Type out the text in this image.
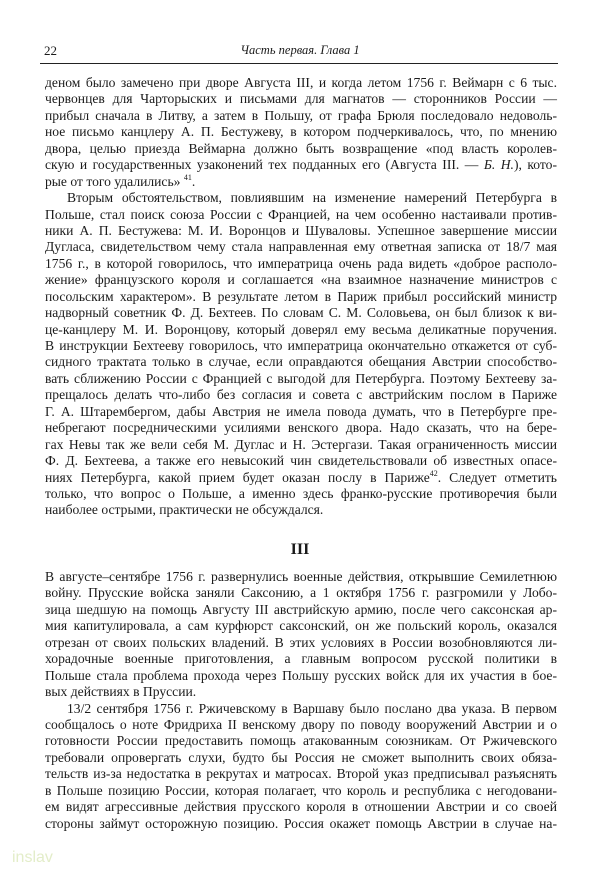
22	Часть первая. Глава 1
деном было замечено при дворе Августа III, и когда летом 1756 г. Веймарн с 6 тыс.
червонцев для Чарторыских и письмами для магнатов — сторонников России —
прибыл сначала в Литву, а затем в Польшу, от графа Брюля последовало недоволь-
ное письмо канцлеру А. П. Бестужеву, в котором подчеркивалось, что, по мнению
двора, целью приезда Веймарна должно быть возвращение «под власть королев-
скую и государственных узаконений тех подданных его (Августа III. — Б. Н.), кото-
рые от того удалились» $^{41}$.
Вторым обстоятельством, повлиявшим на изменение намерений Петербурга в
Польше, стал поиск союза России с Францией, на чем особенно настаивали против-
ники А. П. Бестужева: М. И. Воронцов и Шуваловы. Успешное завершение миссии
Дугласа, свидетельством чему стала направленная ему ответная записка от 18/7 мая
1756 г., в которой говорилось, что императрица очень рада видеть «доброе располо-
жение» французского короля и соглашается «на взаимное назначение министров с
посольским характером». В результате летом в Париж прибыл российский министр
надворный советник Ф. Д. Бехтеев. По словам С. М. Соловьева, он был близок к ви-
це-канцлеру М. И. Воронцову, который доверял ему весьма деликатные поручения.
В инструкции Бехтееву говорилось, что императрица окончательно откажется от суб-
сидного трактата только в случае, если оправдаются обещания Австрии способство-
вать сближению России с Францией с выгодой для Петербурга. Поэтому Бехтееву за-
прещалось делать что-либо без согласия и совета с австрийским послом в Париже
Г. А. Штарембергом, дабы Австрия не имела повода думать, что в Петербурге пре-
небрегают посредническими усилиями венского двора. Надо сказать, что на бере-
гах Невы так же вели себя М. Дуглас и Н. Эстергази. Такая ограниченность миссии
Ф. Д. Бехтеева, а также его невысокий чин свидетельствовали об известных опасе-
ниях Петербурга, какой прием будет оказан послу в Париже$^{42}$. Следует отметить
только, что вопрос о Польше, а именно здесь франко-русские противоречия были
наиболее острыми, практически не обсуждался.
III
В августе–сентябре 1756 г. развернулись военные действия, открывшие Семилетнюю
войну. Прусские войска заняли Саксонию, а 1 октября 1756 г. разгромили у Лобо-
зица шедшую на помощь Августу III австрийскую армию, после чего саксонская ар-
мия капитулировала, а сам курфюрст саксонский, он же польский король, оказался
отрезан от своих польских владений. В этих условиях в России возобновляются ли-
хорадочные военные приготовления, а главным вопросом русской политики в
Польше стала проблема прохода через Польшу русских войск для их участия в бое-
вых действиях в Пруссии.
13/2 сентября 1756 г. Ржичевскому в Варшаву было послано два указа. В первом
сообщалось о ноте Фридриха II венскому двору по поводу вооружений Австрии и о
готовности России предоставить помощь атакованным союзникам. От Ржичевского
требовали опровергать слухи, будто бы Россия не сможет выполнить своих обяза-
тельств из-за недостатка в рекрутах и матросах. Второй указ предписывал разъяснять
в Польше позицию России, которая полагает, что король и республика с негодовани-
ем видят агрессивные действия прусского короля в отношении Австрии и со своей
стороны займут осторожную позицию. Россия окажет помощь Австрии в случае на-
inslav
